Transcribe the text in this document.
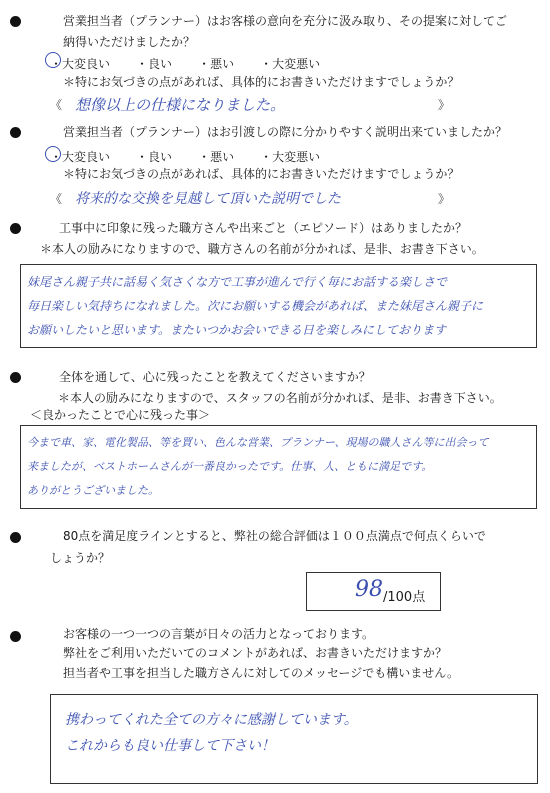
営業担当者（プランナー）はお客様の意向を充分に汲み取り、その提案に対してご
納得いただけましたか？
・大変良い ・良い ・悪い ・大変悪い
＊特にお気づきの点があれば、具体的にお書きいただけますでしょうか？
《 想像以上の仕様になりました。	》
営業担当者（プランナー）はお引渡しの際に分かりやすく説明出来ていましたか？
・大変良い ・良い ・悪い ・大変悪い
＊特にお気づきの点があれば、具体的にお書きいただけますでしょうか？
《 将来的な交換を見越して頂いた説明でした	》
工事中に印象に残った職方さんや出来ごと（エピソード）はありましたか？
＊本人の励みになりますので、職方さんの名前が分かれば、是非、お書き下さい。
妹尾さん親子共に話易く気さくな方で工事が進んで行く毎にお話する楽しさで
毎日楽しい気持ちになれました。次にお願いする機会があれば、また妹尾さん親子に
お願いしたいと思います。またいつかお会いできる日を楽しみにしております
全体を通して、心に残ったことを教えてくださいますか？
＊本人の励みになりますので、スタッフの名前が分かれば、是非、お書き下さい。
＜良かったことで心に残った事＞
今まで車、家、電化製品、等を買い、色んな営業、プランナー、現場の職人さん等に出会って
来ましたが、ベストホームさんが一番良かったです。仕事、人、ともに満足です。
ありがとうございました。
80点を満足度ラインとすると、弊社の総合評価は１００点満点で何点くらいで
しょうか？
98 /100点
お客様の一つ一つの言葉が日々の活力となっております。
弊社をご利用いただいてのコメントがあれば、お書きいただけますか？
担当者や工事を担当した職方さんに対してのメッセージでも構いません。
携わってくれた全ての方々に感謝しています。
これからも良い仕事して下さい！
